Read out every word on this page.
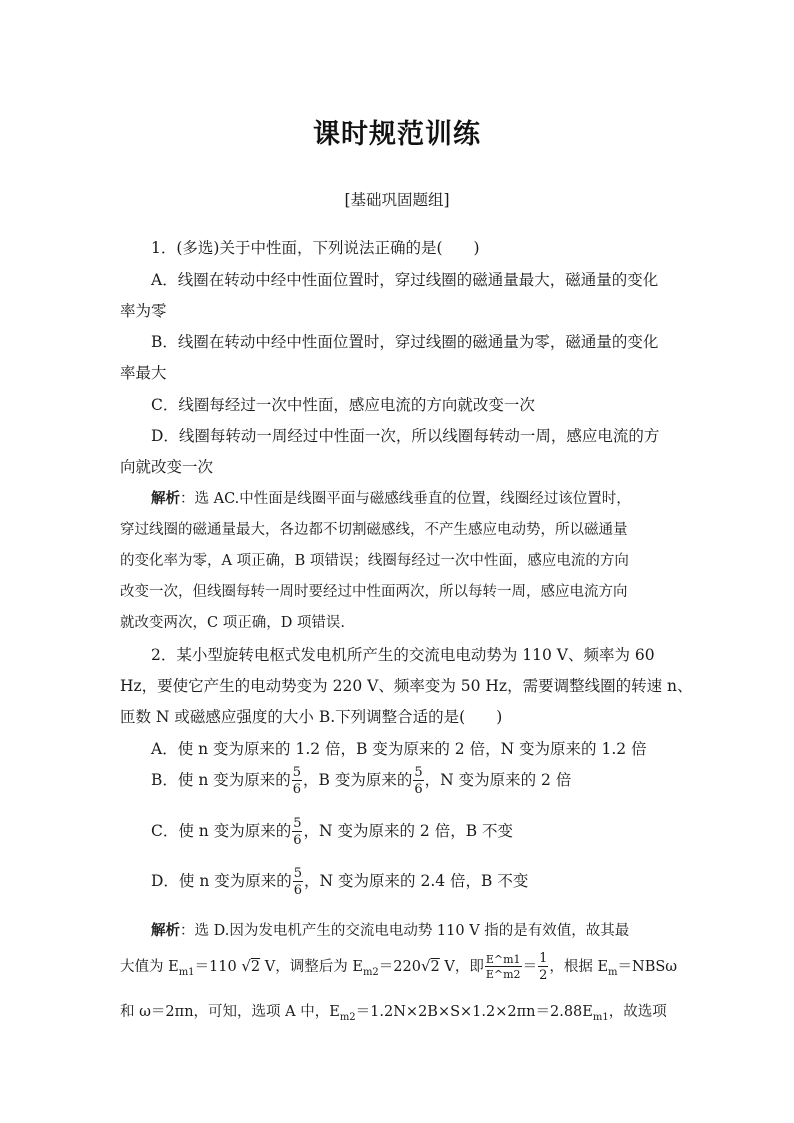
课时规范训练
[基础巩固题组]
1．(多选)关于中性面，下列说法正确的是(　　)
A．线圈在转动中经中性面位置时，穿过线圈的磁通量最大，磁通量的变化
率为零
B．线圈在转动中经中性面位置时，穿过线圈的磁通量为零，磁通量的变化
率最大
C．线圈每经过一次中性面，感应电流的方向就改变一次
D．线圈每转动一周经过中性面一次，所以线圈每转动一周，感应电流的方
向就改变一次
解析：选 AC.中性面是线圈平面与磁感线垂直的位置，线圈经过该位置时，
穿过线圈的磁通量最大，各边都不切割磁感线，不产生感应电动势，所以磁通量
的变化率为零，A 项正确，B 项错误；线圈每经过一次中性面，感应电流的方向
改变一次，但线圈每转一周时要经过中性面两次，所以每转一周，感应电流方向
就改变两次，C 项正确，D 项错误.
2．某小型旋转电枢式发电机所产生的交流电电动势为 110 V、频率为 60
Hz，要使它产生的电动势变为 220 V、频率变为 50 Hz，需要调整线圈的转速 n、
匝数 N 或磁感应强度的大小 B.下列调整合适的是(　　)
A．使 n 变为原来的 1.2 倍，B 变为原来的 2 倍，N 变为原来的 1.2 倍
B．使 n 变为原来的 $\frac{5}{6}$ ，B 变为原来的 $\frac{5}{6}$ ，N 变为原来的 2 倍
C．使 n 变为原来的 $\frac{5}{6}$ ，N 变为原来的 2 倍，B 不变
D．使 n 变为原来的 $\frac{5}{6}$ ，N 变为原来的 2.4 倍，B 不变
解析：选 D.因为发电机产生的交流电电动势 110 V 指的是有效值，故其最
大值为 $E_{m1}=110$ √2 V，调整后为 $E_{m2}=220√2$ V，即 $\frac{E\^{}m1}{E\^{}m2} = \frac{1}{2}$ ，根据 $E_m=NBS\omega$
和 ω＝2πn，可知，选项 A 中，$E_{m2}=1.2N\times 2B\times S\times 1.2\times 2\pi n=2.88E_{m1}$，故选项
